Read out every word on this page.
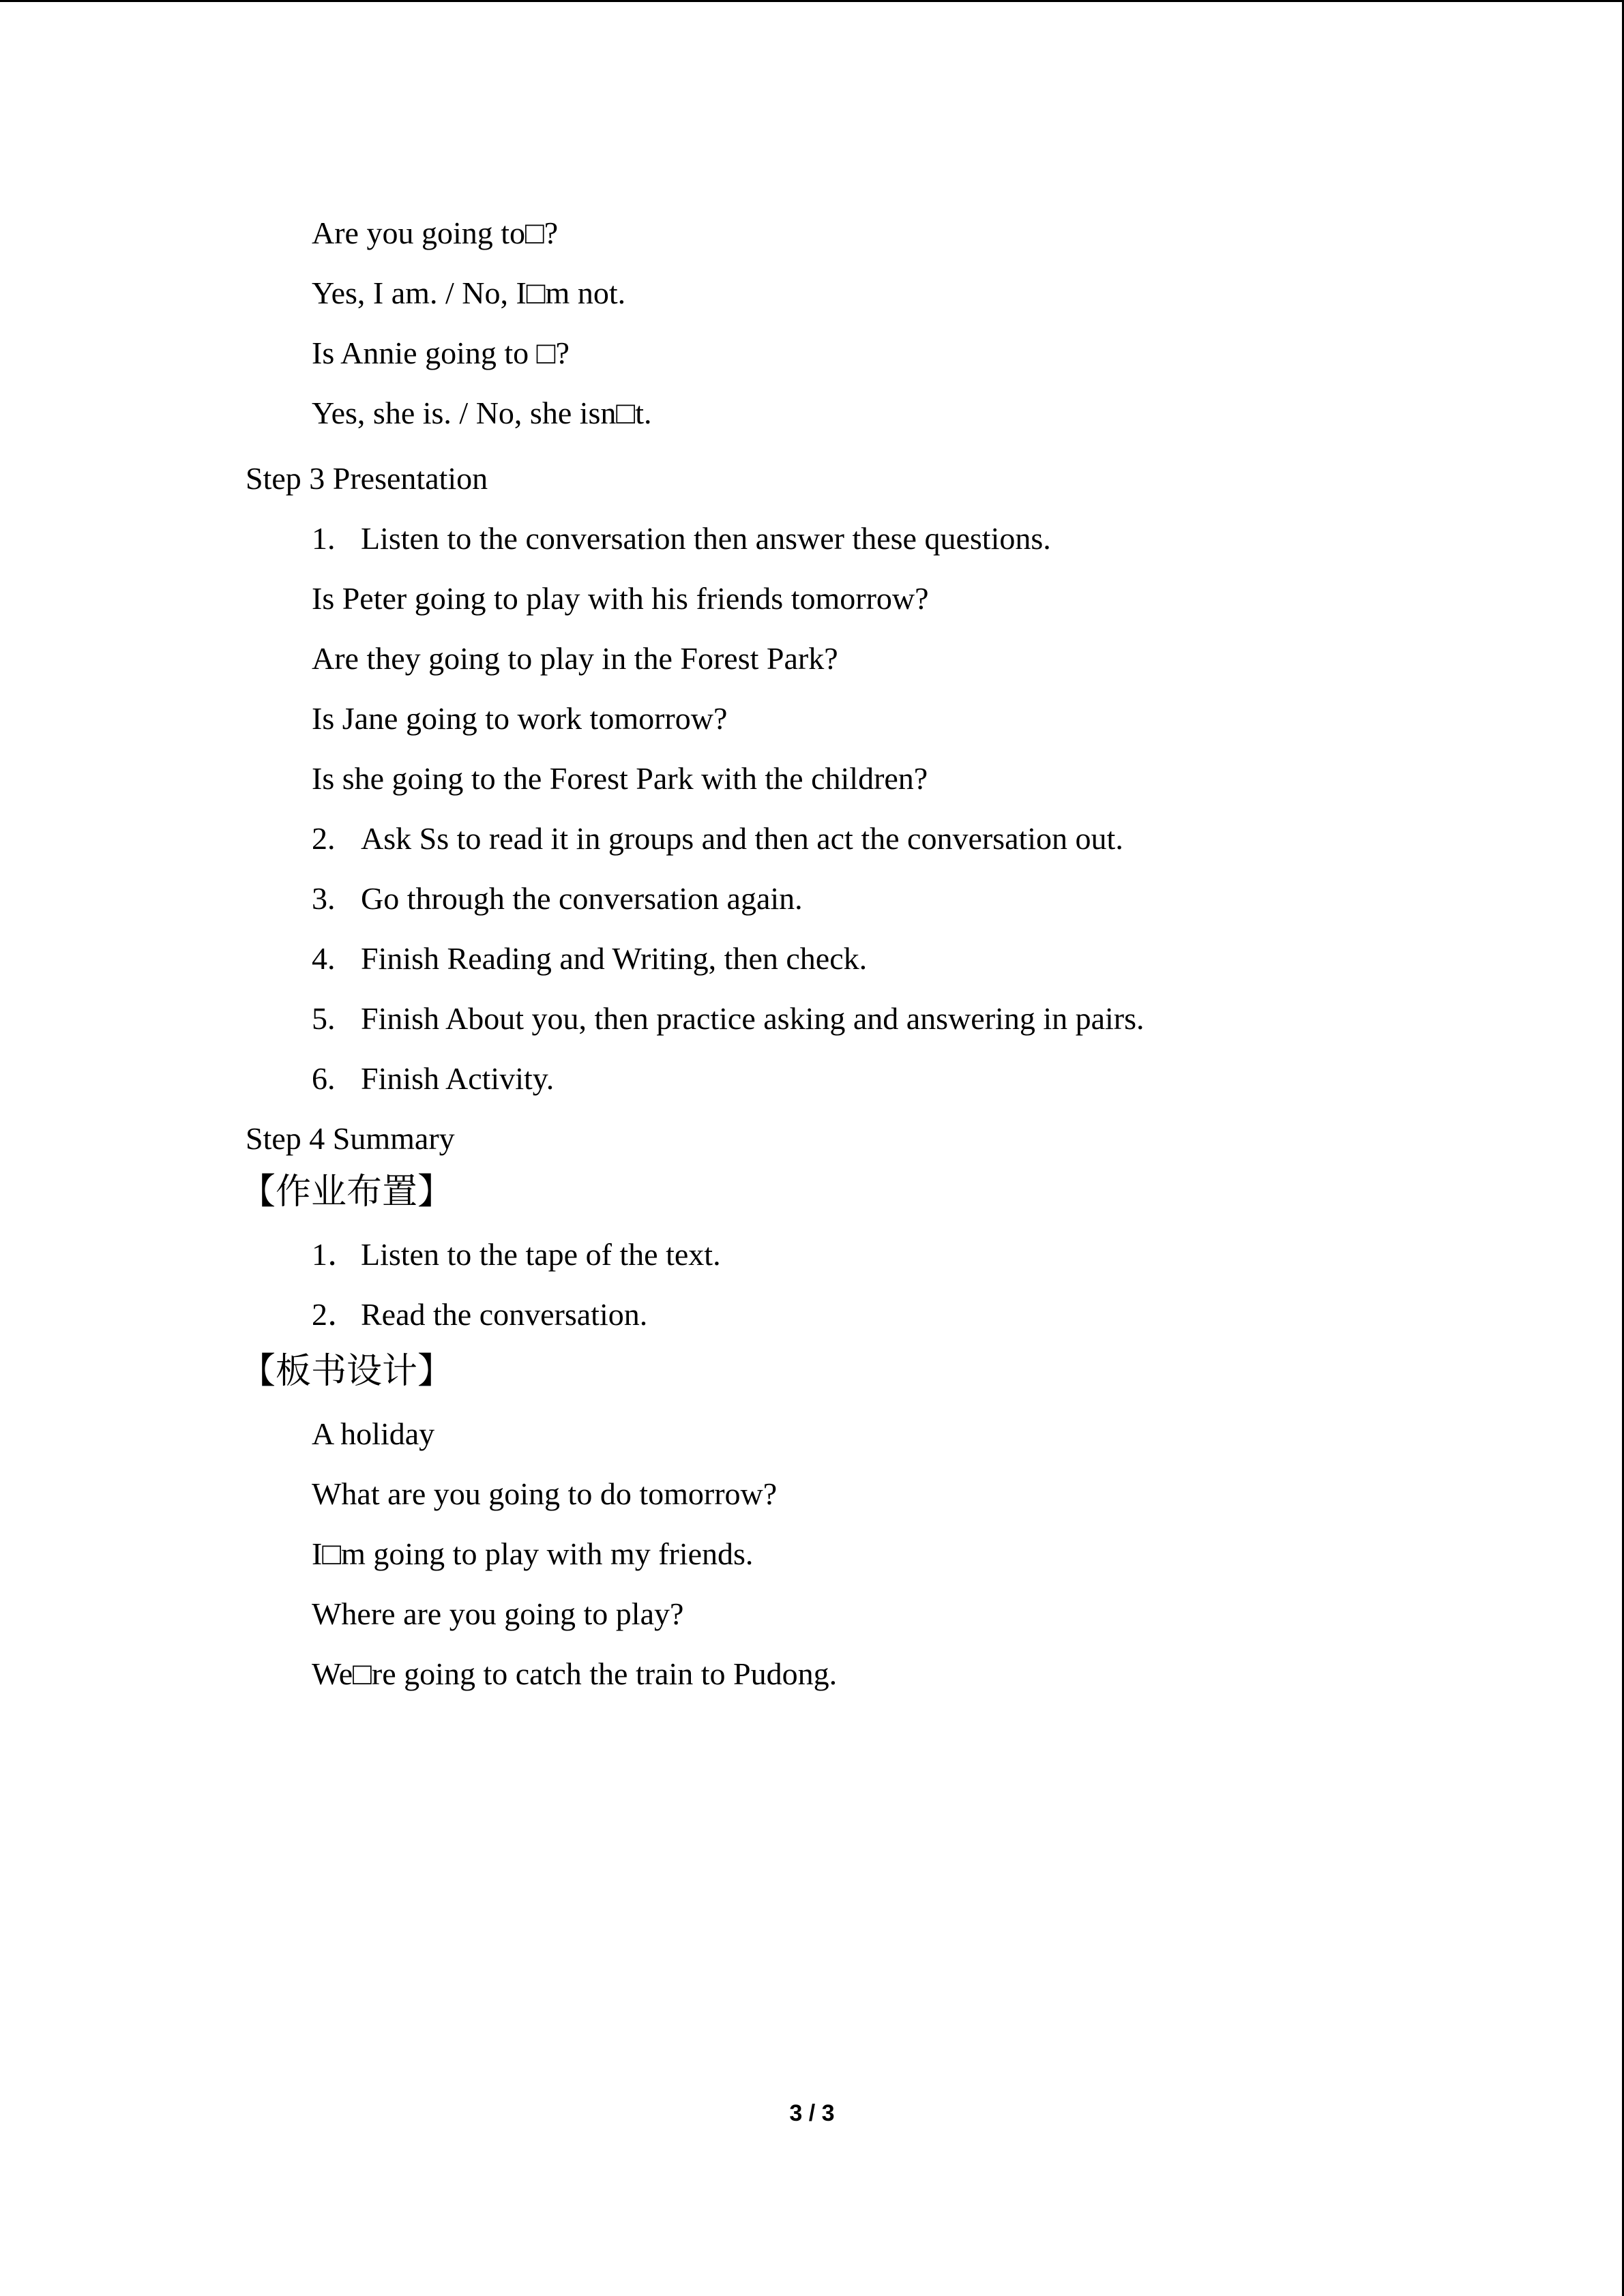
Are you going to□?
Yes, I am. / No, I□m not.
Is Annie going to □?
Yes, she is. / No, she isn□t.
Step 3 Presentation
1. Listen to the conversation then answer these questions.
Is Peter going to play with his friends tomorrow?
Are they going to play in the Forest Park?
Is Jane going to work tomorrow?
Is she going to the Forest Park with the children?
2. Ask Ss to read it in groups and then act the conversation out.
3. Go through the conversation again.
4. Finish Reading and Writing, then check.
5. Finish About you, then practice asking and answering in pairs.
6. Finish Activity.
Step 4 Summary
【作业布置】
1．Listen to the tape of the text.
2．Read the conversation.
【板书设计】
A holiday
What are you going to do tomorrow?
I□m going to play with my friends.
Where are you going to play?
We□re going to catch the train to Pudong.
3 / 3
